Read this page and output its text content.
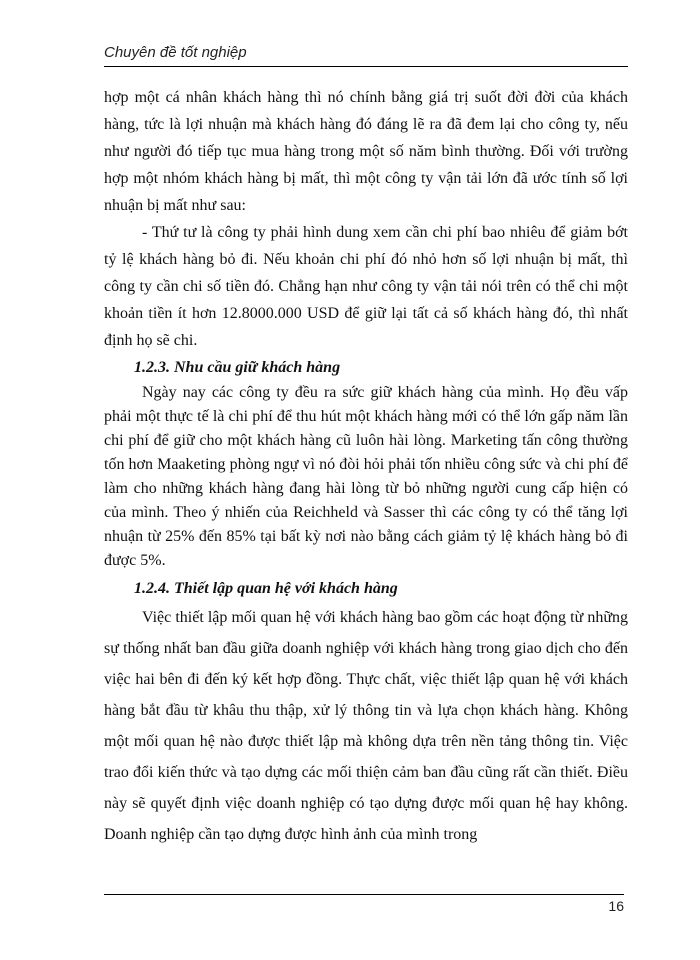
Chuyên đề tốt nghiệp

hợp một cá nhân khách hàng thì nó chính bằng giá trị suốt đời đời của khách hàng, tức là lợi nhuận mà khách hàng đó đáng lẽ ra đã đem lại cho công ty, nếu như người đó tiếp tục mua hàng trong một số năm bình thường. Đối với trường hợp một nhóm khách hàng bị mất, thì một công ty vận tải lớn đã ước tính số lợi nhuận bị mất như sau:

- Thứ tư là công ty phải hình dung xem cần chi phí bao nhiêu để giảm bớt tỷ lệ khách hàng bỏ đi. Nếu khoản chi phí đó nhỏ hơn số lợi nhuận bị mất, thì công ty cần chi số tiền đó. Chẳng hạn như công ty vận tải nói trên có thể chi một khoản tiền ít hơn 12.8000.000 USD để giữ lại tất cả số khách hàng đó, thì nhất định họ sẽ chi.

1.2.3. Nhu cầu giữ khách hàng

Ngày nay các công ty đều ra sức giữ khách hàng của mình. Họ đều vấp phải một thực tế là chi phí để thu hút một khách hàng mới có thể lớn gấp năm lần chi phí để giữ cho một khách hàng cũ luôn hài lòng. Marketing tấn công thường tốn hơn Maaketing phòng ngự vì nó đòi hỏi phải tốn nhiều công sức và chi phí để làm cho những khách hàng đang hài lòng từ bỏ những người cung cấp hiện có của mình. Theo ý nhiến của Reichheld và Sasser thì các công ty có thể tăng lợi nhuận từ 25% đến 85% tại bất kỳ nơi nào bằng cách giảm tỷ lệ khách hàng bỏ đi được 5%.

1.2.4. Thiết lập quan hệ với khách hàng

Việc thiết lập mối quan hệ với khách hàng bao gồm các hoạt động từ những sự thống nhất ban đầu giữa doanh nghiệp với khách hàng trong giao dịch cho đến việc hai bên đi đến ký kết hợp đồng. Thực chất, việc thiết lập quan hệ với khách hàng bắt đầu từ khâu thu thập, xử lý thông tin và lựa chọn khách hàng. Không một mối quan hệ nào được thiết lập mà không dựa trên nền tảng thông tin. Việc trao đổi kiến thức và tạo dựng các mối thiện cảm ban đầu cũng rất cần thiết. Điều này sẽ quyết định việc doanh nghiệp có tạo dựng được mối quan hệ hay không. Doanh nghiệp cần tạo dựng được hình ảnh của mình trong

16
